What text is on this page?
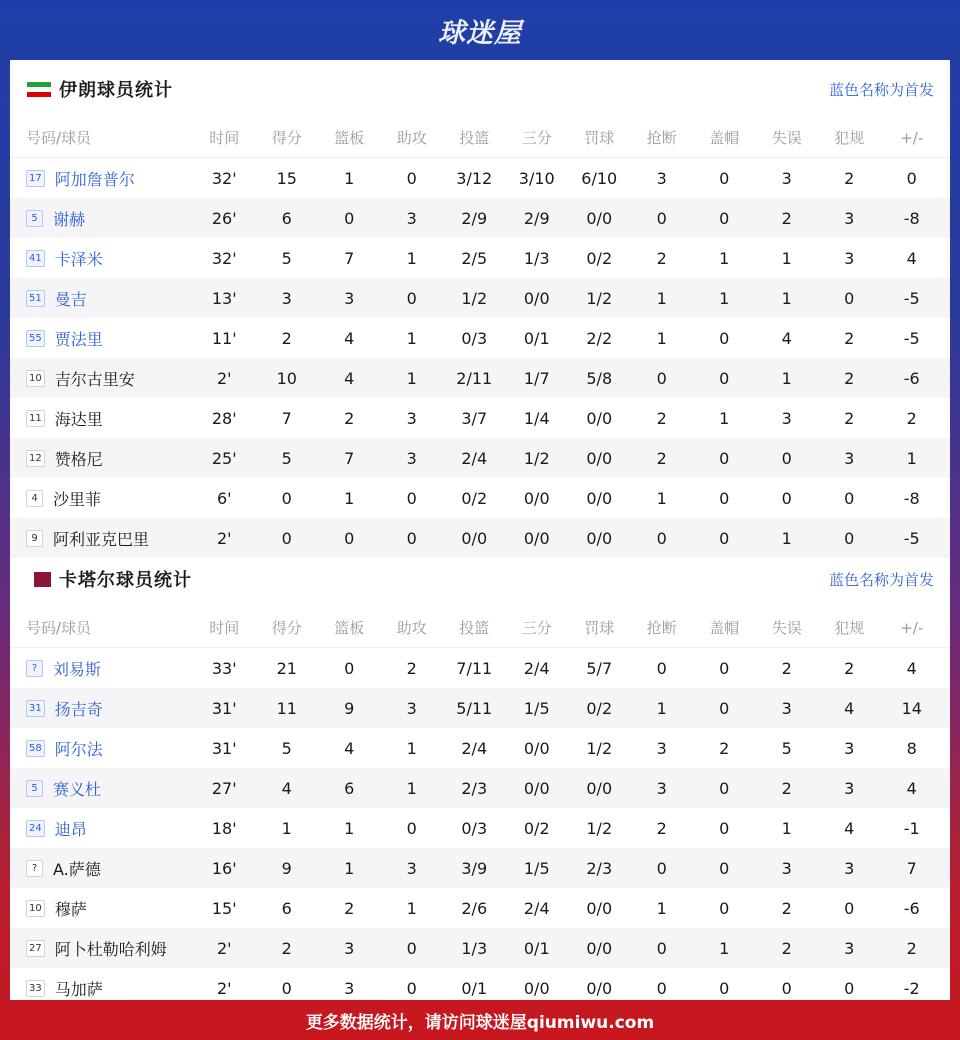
球迷屋
伊朗球员统计	蓝色名称为首发
号码/球员	时间	得分	篮板	助攻	投篮	三分	罚球	抢断	盖帽	失误	犯规	+/-
17 阿加詹普尔	32'	15	1	0	3/12	3/10	6/10	3	0	3	2	0
5 谢赫	26'	6	0	3	2/9	2/9	0/0	0	0	2	3	-8
41 卡泽米	32'	5	7	1	2/5	1/3	0/2	2	1	1	3	4
51 曼吉	13'	3	3	0	1/2	0/0	1/2	1	1	1	0	-5
55 贾法里	11'	2	4	1	0/3	0/1	2/2	1	0	4	2	-5
10 吉尔古里安	2'	10	4	1	2/11	1/7	5/8	0	0	1	2	-6
11 海达里	28'	7	2	3	3/7	1/4	0/0	2	1	3	2	2
12 赞格尼	25'	5	7	3	2/4	1/2	0/0	2	0	0	3	1
4 沙里菲	6'	0	1	0	0/2	0/0	0/0	1	0	0	0	-8
9 阿利亚克巴里	2'	0	0	0	0/0	0/0	0/0	0	0	1	0	-5
卡塔尔球员统计	蓝色名称为首发
号码/球员	时间	得分	篮板	助攻	投篮	三分	罚球	抢断	盖帽	失误	犯规	+/-
? 刘易斯	33'	21	0	2	7/11	2/4	5/7	0	0	2	2	4
31 扬吉奇	31'	11	9	3	5/11	1/5	0/2	1	0	3	4	14
58 阿尔法	31'	5	4	1	2/4	0/0	1/2	3	2	5	3	8
5 赛义杜	27'	4	6	1	2/3	0/0	0/0	3	0	2	3	4
24 迪昂	18'	1	1	0	0/3	0/2	1/2	2	0	1	4	-1
? A.萨德	16'	9	1	3	3/9	1/5	2/3	0	0	3	3	7
10 穆萨	15'	6	2	1	2/6	2/4	0/0	1	0	2	0	-6
27 阿卜杜勒哈利姆	2'	2	3	0	1/3	0/1	0/0	0	1	2	3	2
33 马加萨	2'	0	3	0	0/1	0/0	0/0	0	0	0	0	-2
更多数据统计，请访问球迷屋qiumiwu.com
